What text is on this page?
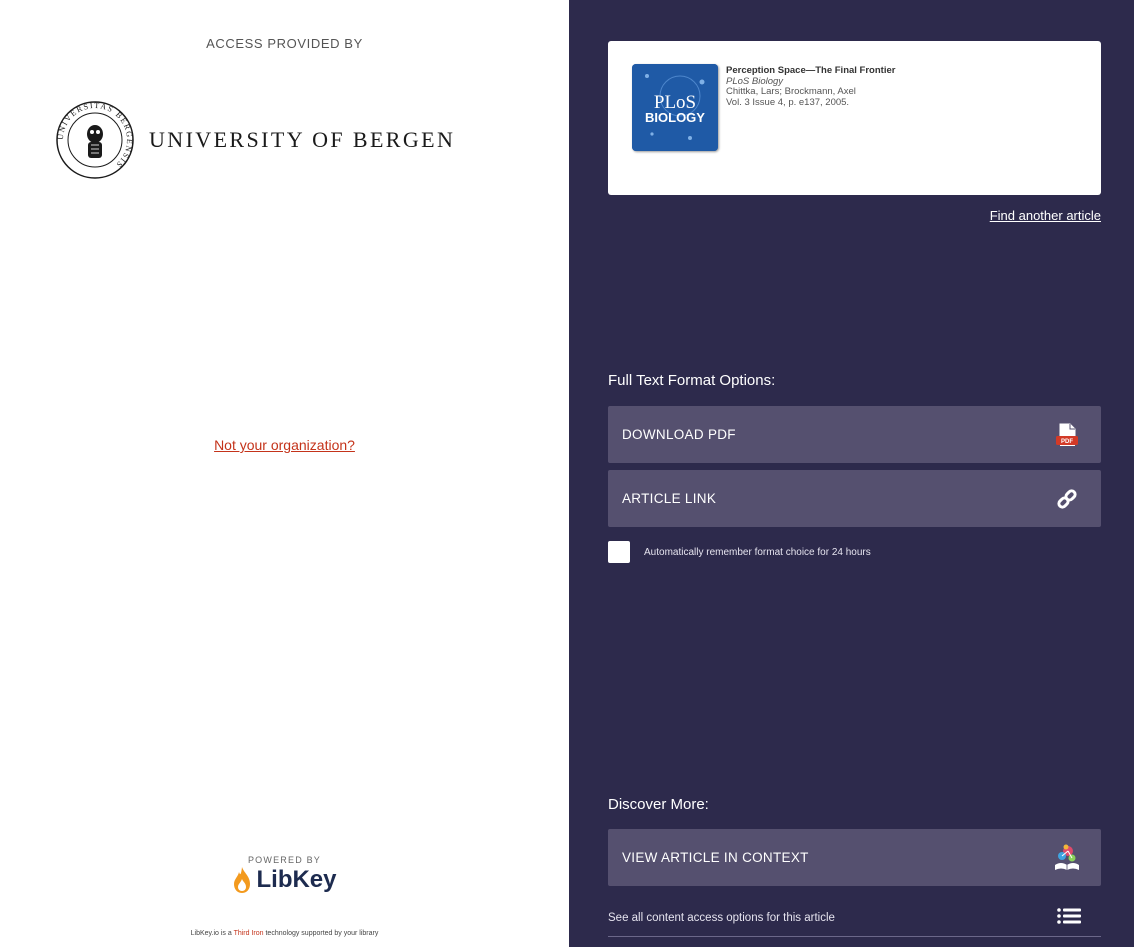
ACCESS PROVIDED BY
UNIVERSITAS BERGENSIS
UNIVERSITY OF BERGEN
Not your organization?
POWERED BY
LibKey
LibKey.io is a Third Iron technology supported by your library
PLoS
BIOLOGY
Perception Space—The Final Frontier
PLoS Biology
Chittka, Lars; Brockmann, Axel
Vol. 3 Issue 4, p. e137, 2005.
Find another article
Full Text Format Options:
DOWNLOAD PDF	PDF
ARTICLE LINK
Automatically remember format choice for 24 hours
Discover More:
VIEW ARTICLE IN CONTEXT
See all content access options for this article
